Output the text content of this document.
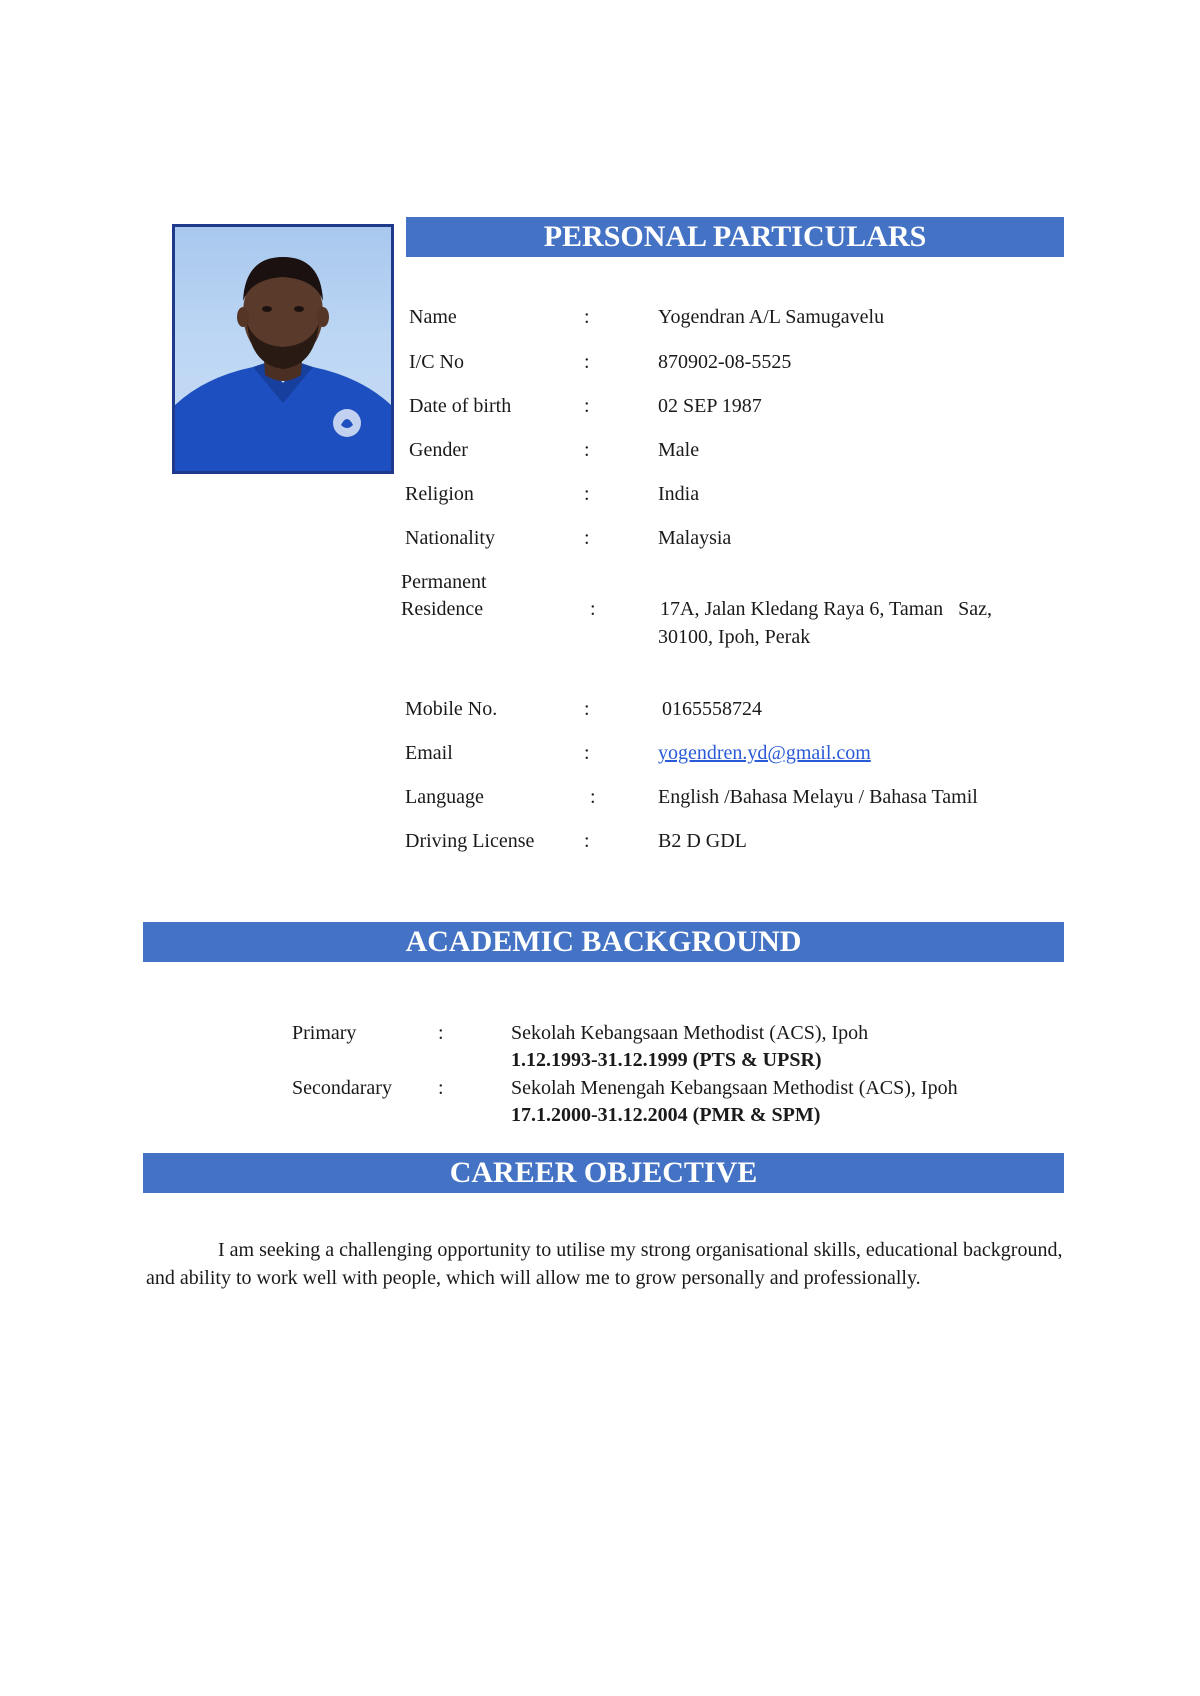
PERSONAL PARTICULARS
Name	:	Yogendran A/L Samugavelu
I/C No	:	870902-08-5525
Date of birth	:	02 SEP 1987
Gender	:	Male
Religion	:	India
Nationality	:	Malaysia
Permanent
Residence	:	17A, Jalan Kledang Raya 6, Taman   Saz,
30100, Ipoh, Perak
Mobile No.	:	0165558724
Email	:	yogendren.yd@gmail.com
Language	:	English /Bahasa Melayu / Bahasa Tamil
Driving License :	B2 D GDL
ACADEMIC BACKGROUND
Primary	:	Sekolah Kebangsaan Methodist (ACS), Ipoh
1.12.1993-31.12.1999 (PTS & UPSR)
Secondarary :	Sekolah Menengah Kebangsaan Methodist (ACS), Ipoh
17.1.2000-31.12.2004 (PMR & SPM)
CAREER OBJECTIVE
I am seeking a challenging opportunity to utilise my strong organisational skills, educational background, and ability to work well with people, which will allow me to grow personally and professionally.
